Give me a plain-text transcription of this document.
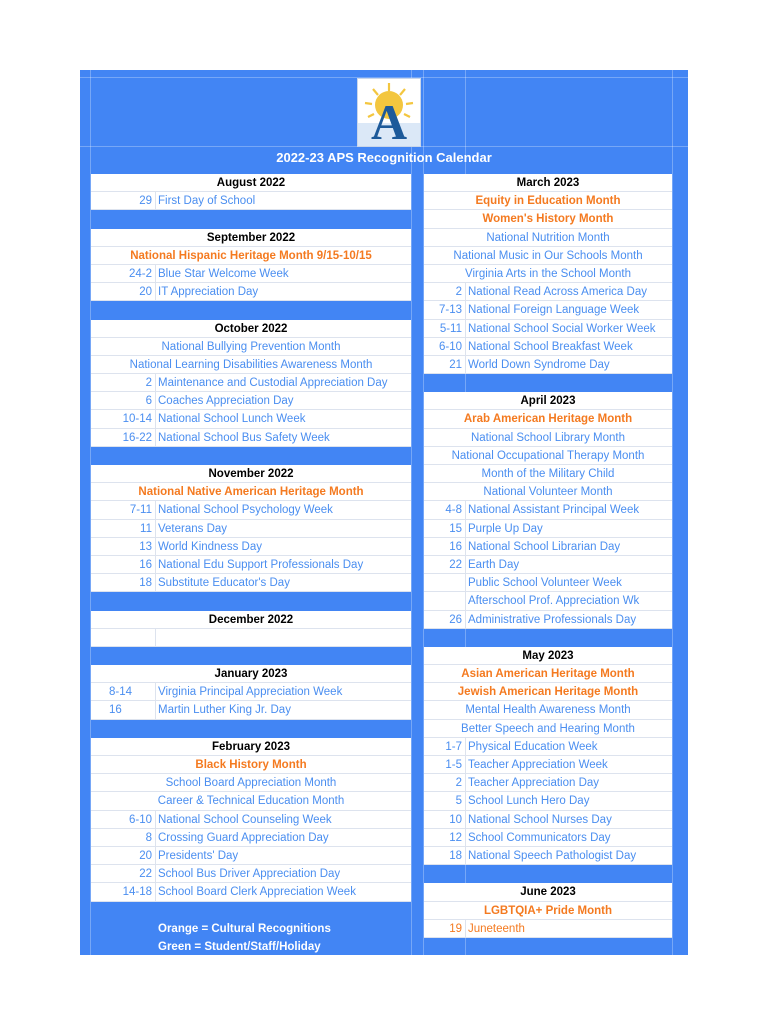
A
2022-23 APS Recognition Calendar
August 2022
29 First Day of School
September 2022
National Hispanic Heritage Month 9/15-10/15
24-2 Blue Star Welcome Week
20 IT Appreciation Day
October 2022
National Bullying Prevention Month
National Learning Disabilities Awareness Month
2 Maintenance and Custodial Appreciation Day
6 Coaches Appreciation Day
10-14 National School Lunch Week
16-22 National School Bus Safety Week
November 2022
National Native American Heritage Month
7-11 National School Psychology Week
11 Veterans Day
13 World Kindness Day
16 National Edu Support Professionals Day
18 Substitute Educator's Day
December 2022
January 2023
8-14	Virginia Principal Appreciation Week
16	Martin Luther King Jr. Day
February 2023
Black History Month
School Board Appreciation Month
Career & Technical Education Month
6-10 National School Counseling Week
8 Crossing Guard Appreciation Day
20 Presidents' Day
22 School Bus Driver Appreciation Day
14-18 School Board Clerk Appreciation Week
Orange = Cultural Recognitions
Green = Student/Staff/Holiday
March 2023
Equity in Education Month
Women's History Month
National Nutrition Month
National Music in Our Schools Month
Virginia Arts in the School Month
2 National Read Across America Day
7-13 National Foreign Language Week
5-11 National School Social Worker Week
6-10 National School Breakfast Week
21 World Down Syndrome Day
April 2023
Arab American Heritage Month
National School Library Month
National Occupational Therapy Month
Month of the Military Child
National Volunteer Month
4-8 National Assistant Principal Week
15 Purple Up Day
16 National School Librarian Day
22 Earth Day
Public School Volunteer Week
Afterschool Prof. Appreciation Wk
26 Administrative Professionals Day
May 2023
Asian American Heritage Month
Jewish American Heritage Month
Mental Health Awareness Month
Better Speech and Hearing Month
1-7 Physical Education Week
1-5 Teacher Appreciation Week
2 Teacher Appreciation Day
5 School Lunch Hero Day
10 National School Nurses Day
12 School Communicators Day
18 National Speech Pathologist Day
June 2023
LGBTQIA+ Pride Month
19 Juneteenth
